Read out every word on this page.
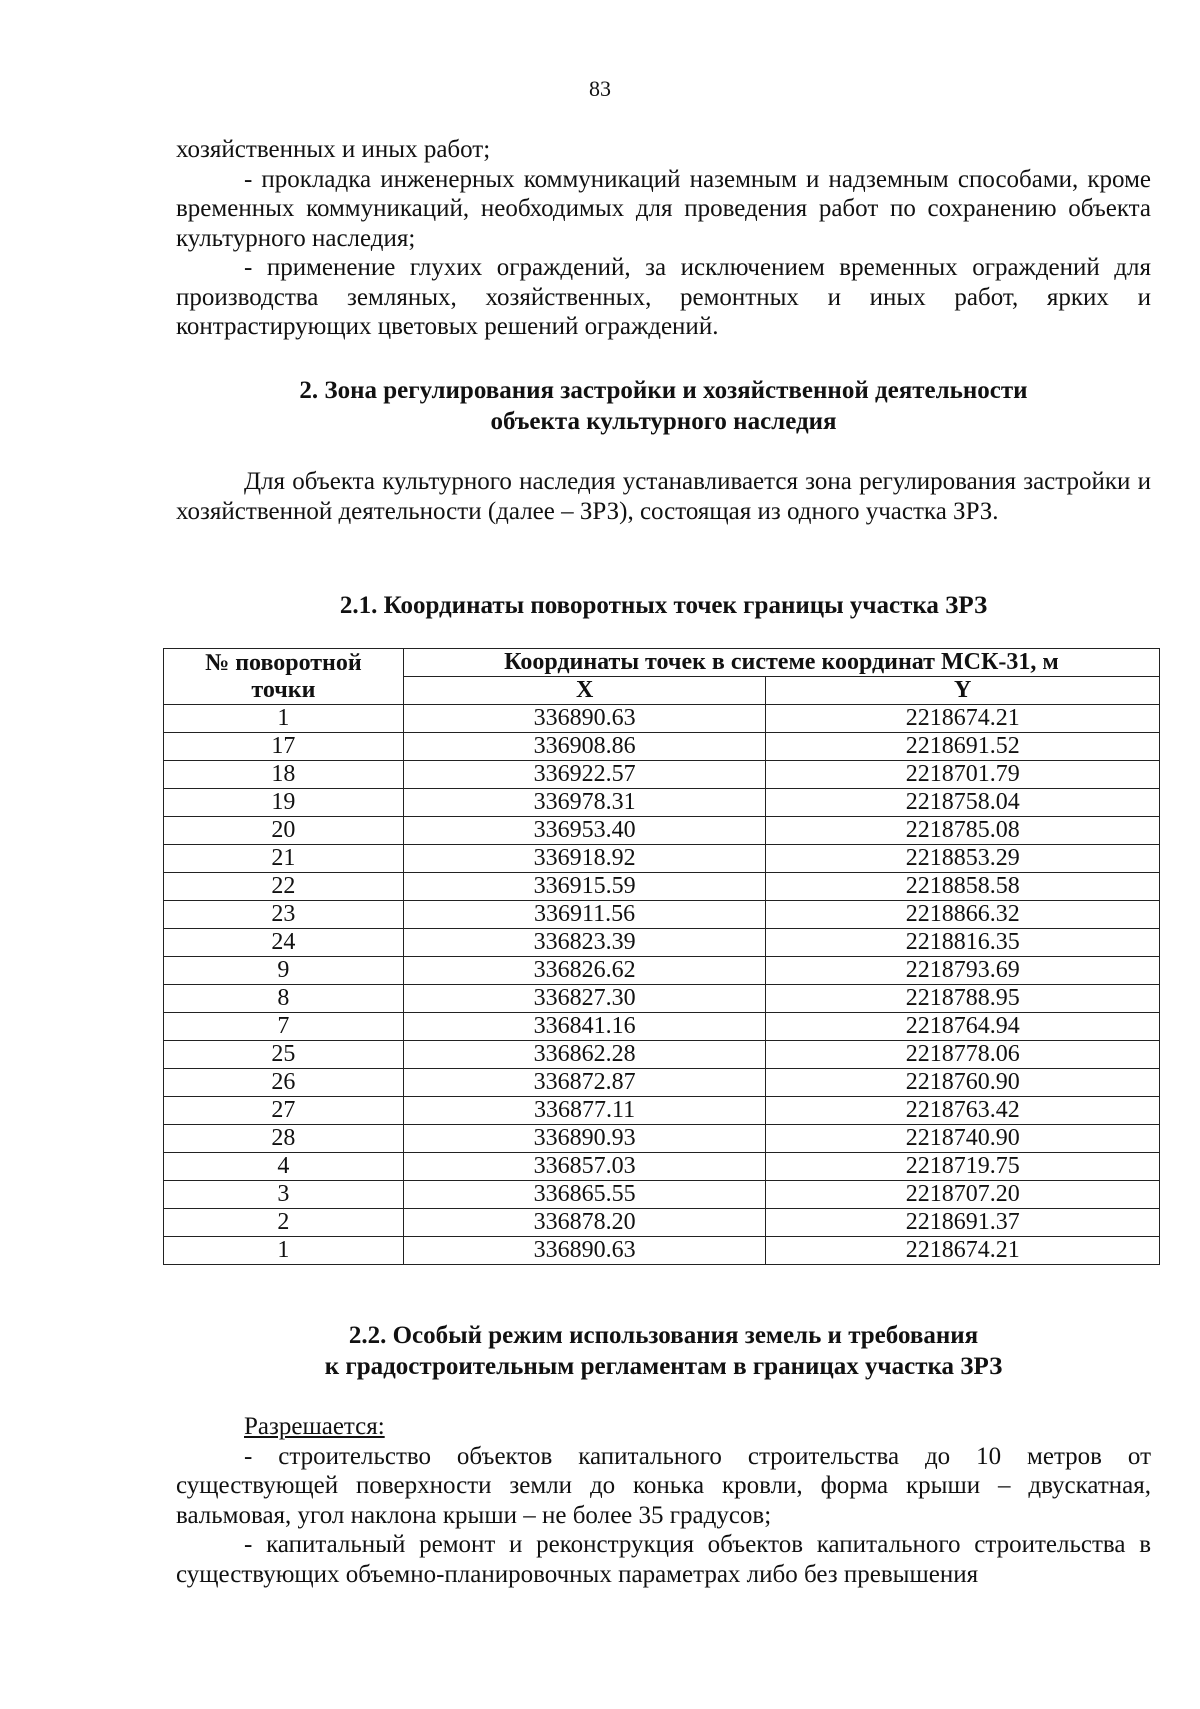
83

хозяйственных и иных работ;

- прокладка инженерных коммуникаций наземным и надземным способами, кроме временных коммуникаций, необходимых для проведения работ по сохранению объекта культурного наследия;

- применение глухих ограждений, за исключением временных ограждений для производства земляных, хозяйственных, ремонтных и иных работ, ярких и контрастирующих цветовых решений ограждений.

2. Зона регулирования застройки и хозяйственной деятельности
объекта культурного наследия

Для объекта культурного наследия устанавливается зона регулирования застройки и хозяйственной деятельности (далее – ЗРЗ), состоящая из одного участка ЗРЗ.

2.1. Координаты поворотных точек границы участка ЗРЗ
№ поворотной
точки	Координаты точек в системе координат МСК-31, м	
	X	Y
1	336890.63	2218674.21
17	336908.86	2218691.52
18	336922.57	2218701.79
19	336978.31	2218758.04
20	336953.40	2218785.08
21	336918.92	2218853.29
22	336915.59	2218858.58
23	336911.56	2218866.32
24	336823.39	2218816.35
9	336826.62	2218793.69
8	336827.30	2218788.95
7	336841.16	2218764.94
25	336862.28	2218778.06
26	336872.87	2218760.90
27	336877.11	2218763.42
28	336890.93	2218740.90
4	336857.03	2218719.75
3	336865.55	2218707.20
2	336878.20	2218691.37
1	336890.63	2218674.21
2.2. Особый режим использования земель и требования
к градостроительным регламентам в границах участка ЗРЗ

Разрешается:

- строительство объектов капитального строительства до 10 метров от существующей поверхности земли до конька кровли, форма крыши – двускатная, вальмовая, угол наклона крыши – не более 35 градусов;

- капитальный ремонт и реконструкция объектов капитального строительства в существующих объемно-планировочных параметрах либо без превышения
